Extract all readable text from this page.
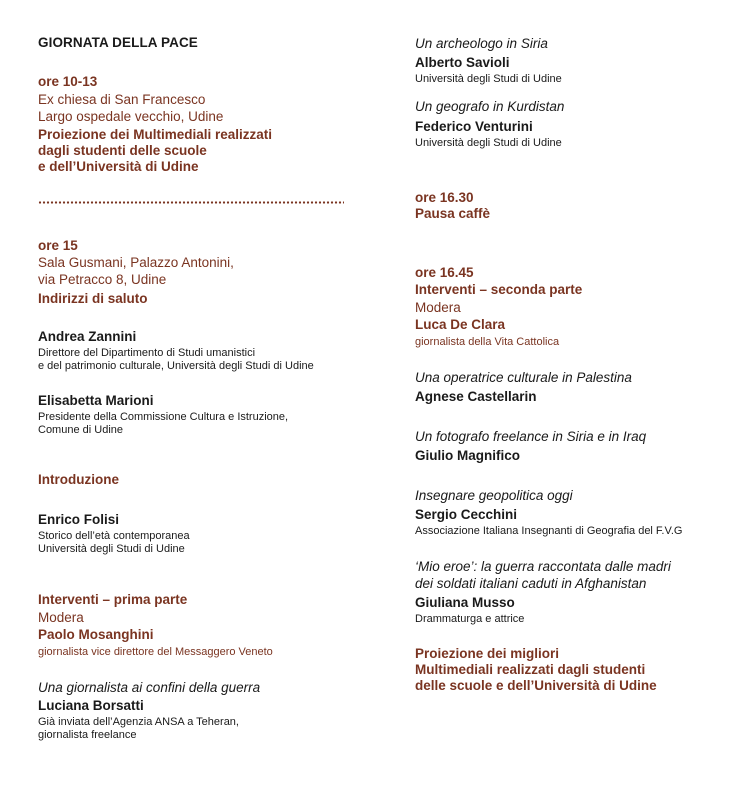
GIORNATA DELLA PACE
ore 10-13
Ex chiesa di San Francesco
Largo ospedale vecchio, Udine
Proiezione dei Multimediali realizzati
dagli studenti delle scuole
e dell’Università di Udine
ore 15
Sala Gusmani, Palazzo Antonini,
via Petracco 8, Udine
Indirizzi di saluto
Andrea Zannini
Direttore del Dipartimento di Studi umanistici
e del patrimonio culturale, Università degli Studi di Udine
Elisabetta Marioni
Presidente della Commissione Cultura e Istruzione,
Comune di Udine
Introduzione
Enrico Folisi
Storico dell’età contemporanea
Università degli Studi di Udine
Interventi – prima parte
Modera
Paolo Mosanghini
giornalista vice direttore del Messaggero Veneto
Una giornalista ai confini della guerra
Luciana Borsatti
Già inviata dell’Agenzia ANSA a Teheran,
giornalista freelance
Un archeologo in Siria
Alberto Savioli
Università degli Studi di Udine
Un geografo in Kurdistan
Federico Venturini
Università degli Studi di Udine
ore 16.30
Pausa caffè
ore 16.45
Interventi – seconda parte
Modera
Luca De Clara
giornalista della Vita Cattolica
Una operatrice culturale in Palestina
Agnese Castellarin
Un fotografo freelance in Siria e in Iraq
Giulio Magnifico
Insegnare geopolitica oggi
Sergio Cecchini
Associazione Italiana Insegnanti di Geografia del F.V.G
‘Mio eroe’: la guerra raccontata dalle madri
dei soldati italiani caduti in Afghanistan
Giuliana Musso
Drammaturga e attrice
Proiezione dei migliori
Multimediali realizzati dagli studenti
delle scuole e dell’Università di Udine
